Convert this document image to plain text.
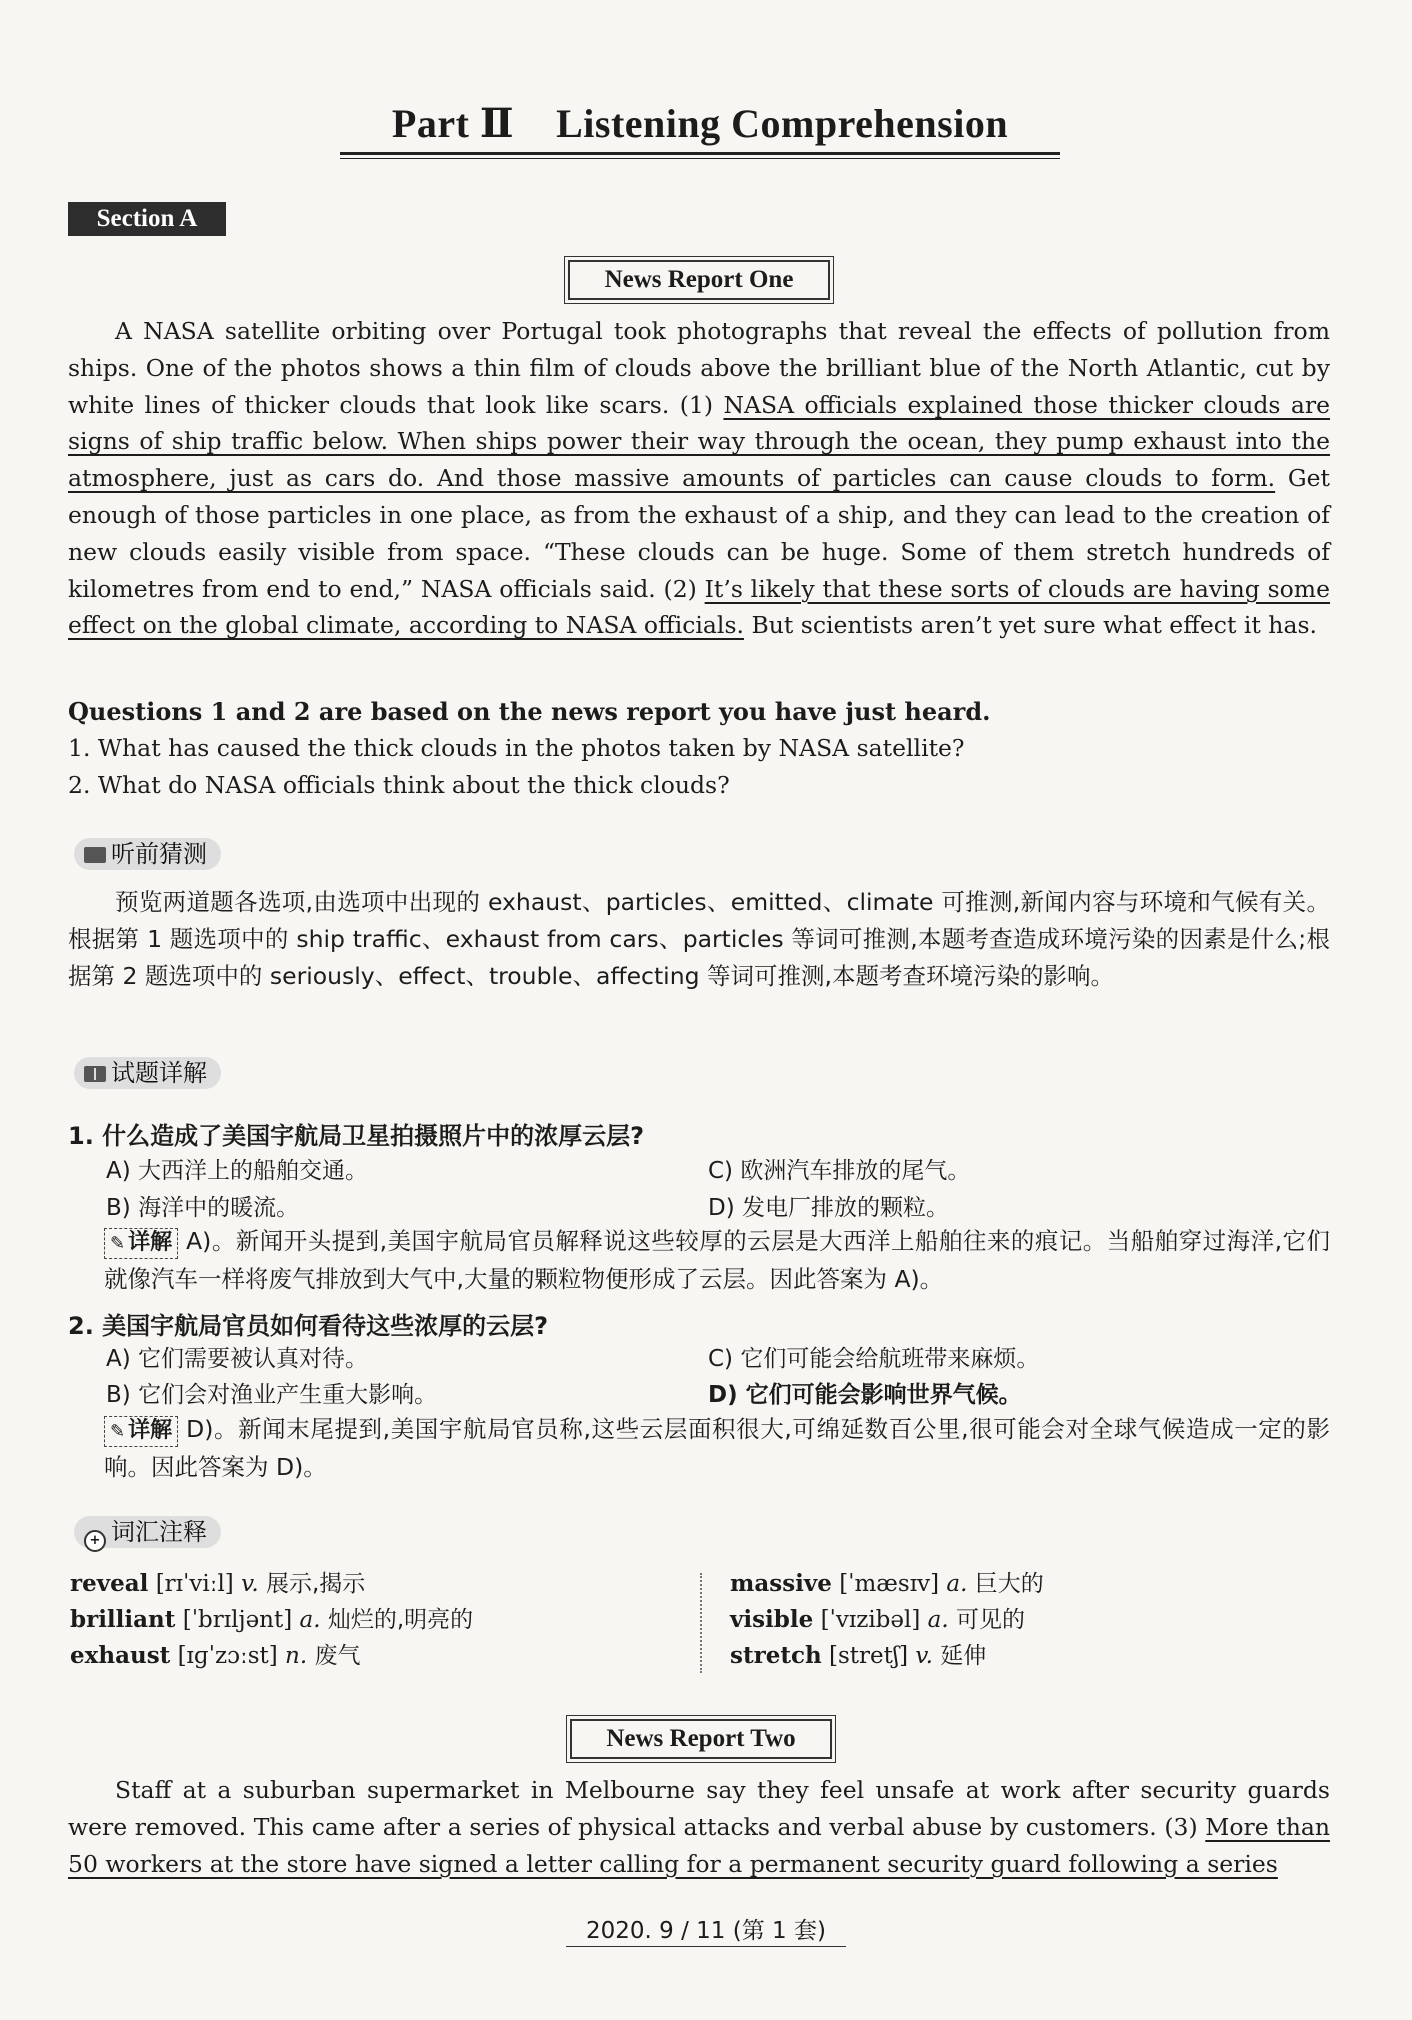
Part Ⅱ Listening Comprehension
Section A
News Report One

A NASA satellite orbiting over Portugal took photographs that reveal the effects of pollution from ships. One of the photos shows a thin film of clouds above the brilliant blue of the North Atlantic, cut by white lines of thicker clouds that look like scars. (1) NASA officials explained those thicker clouds are signs of ship traffic below. When ships power their way through the ocean, they pump exhaust into the atmosphere, just as cars do. And those massive amounts of particles can cause clouds to form. Get enough of those particles in one place, as from the exhaust of a ship, and they can lead to the creation of new clouds easily visible from space. “These clouds can be huge. Some of them stretch hundreds of kilometres from end to end,” NASA officials said. (2) It’s likely that these sorts of clouds are having some effect on the global climate, according to NASA officials. But scientists aren’t yet sure what effect it has.

Questions 1 and 2 are based on the news report you have just heard.
1. What has caused the thick clouds in the photos taken by NASA satellite?
2. What do NASA officials think about the thick clouds?
听前猜测

预览两道题各选项,由选项中出现的 exhaust、particles、emitted、climate 可推测,新闻内容与环境和气候有关。根据第 1 题选项中的 ship traffic、exhaust from cars、particles 等词可推测,本题考查造成环境污染的因素是什么;根据第 2 题选项中的 seriously、effect、trouble、affecting 等词可推测,本题考查环境污染的影响。

试题详解
1. 什么造成了美国宇航局卫星拍摄照片中的浓厚云层?
A) 大西洋上的船舶交通。	C) 欧洲汽车排放的尾气。
B) 海洋中的暖流。	D) 发电厂排放的颗粒。
✎ 详解 A)。新闻开头提到,美国宇航局官员解释说这些较厚的云层是大西洋上船舶往来的痕记。当船舶穿过海洋,它们就像汽车一样将废气排放到大气中,大量的颗粒物便形成了云层。因此答案为 A)。
2. 美国宇航局官员如何看待这些浓厚的云层?
A) 它们需要被认真对待。	C) 它们可能会给航班带来麻烦。
B) 它们会对渔业产生重大影响。	D) 它们可能会影响世界气候。
✎ 详解 D)。新闻末尾提到,美国宇航局官员称,这些云层面积很大,可绵延数百公里,很可能会对全球气候造成一定的影响。因此答案为 D)。
+ 词汇注释
reveal [rɪˈviːl] v. 展示,揭示
brilliant [ˈbrɪljənt] a. 灿烂的,明亮的
exhaust [ɪɡˈzɔːst] n. 废气
massive [ˈmæsɪv] a. 巨大的
visible [ˈvɪzibəl] a. 可见的
stretch [stretʃ] v. 延伸
News Report Two

Staff at a suburban supermarket in Melbourne say they feel unsafe at work after security guards were removed. This came after a series of physical attacks and verbal abuse by customers. (3) More than 50 workers at the store have signed a letter calling for a permanent security guard following a series

2020. 9 / 11 (第 1 套)
